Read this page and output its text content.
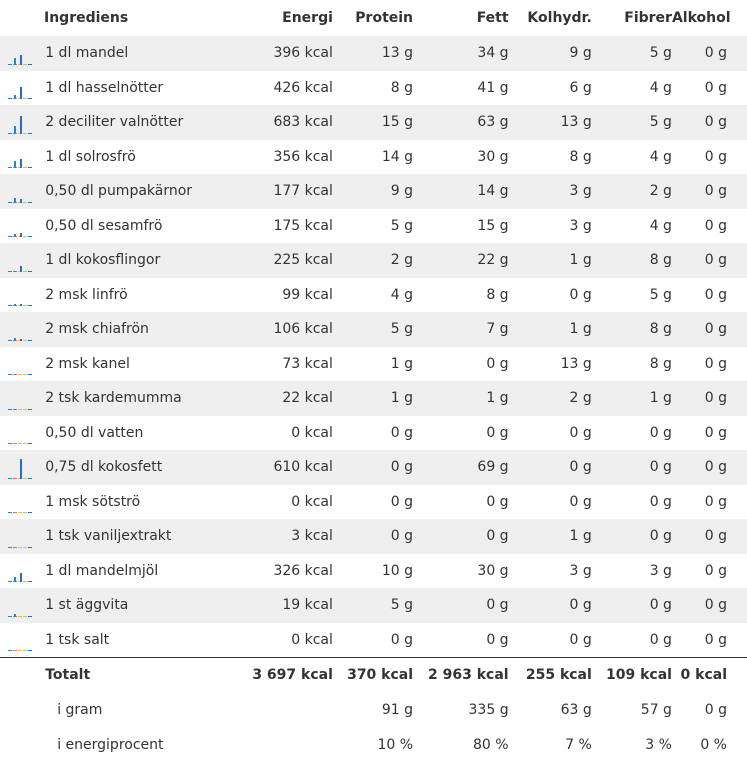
Ingrediens		Energi	Protein	Fett	Kolhydr.	Fibrer	Alkohol

	1 dl mandel	396 kcal	13 g	34 g	9 g	5 g	0 g

	1 dl hasselnötter	426 kcal	8 g	41 g	6 g	4 g	0 g

	2 deciliter valnötter	683 kcal	15 g	63 g	13 g	5 g	0 g

	1 dl solrosfrö	356 kcal	14 g	30 g	8 g	4 g	0 g

	0,50 dl pumpakärnor	177 kcal	9 g	14 g	3 g	2 g	0 g

	0,50 dl sesamfrö	175 kcal	5 g	15 g	3 g	4 g	0 g

	1 dl kokosflingor	225 kcal	2 g	22 g	1 g	8 g	0 g

	2 msk linfrö	99 kcal	4 g	8 g	0 g	5 g	0 g

	2 msk chiafrön	106 kcal	5 g	7 g	1 g	8 g	0 g

	2 msk kanel	73 kcal	1 g	0 g	13 g	8 g	0 g

	2 tsk kardemumma	22 kcal	1 g	1 g	2 g	1 g	0 g

	0,50 dl vatten	0 kcal	0 g	0 g	0 g	0 g	0 g

	0,75 dl kokosfett	610 kcal	0 g	69 g	0 g	0 g	0 g

	1 msk sötströ	0 kcal	0 g	0 g	0 g	0 g	0 g

	1 tsk vaniljextrakt	3 kcal	0 g	0 g	1 g	0 g	0 g

	1 dl mandelmjöl	326 kcal	10 g	30 g	3 g	3 g	0 g

	1 st äggvita	19 kcal	5 g	0 g	0 g	0 g	0 g

	1 tsk salt	0 kcal	0 g	0 g	0 g	0 g	0 g
	Totalt	3 697 kcal	370 kcal	2 963 kcal	255 kcal	109 kcal	0 kcal
	i gram		91 g	335 g	63 g	57 g	0 g
	i energiprocent		10 %	80 %	7 %	3 %	0 %
